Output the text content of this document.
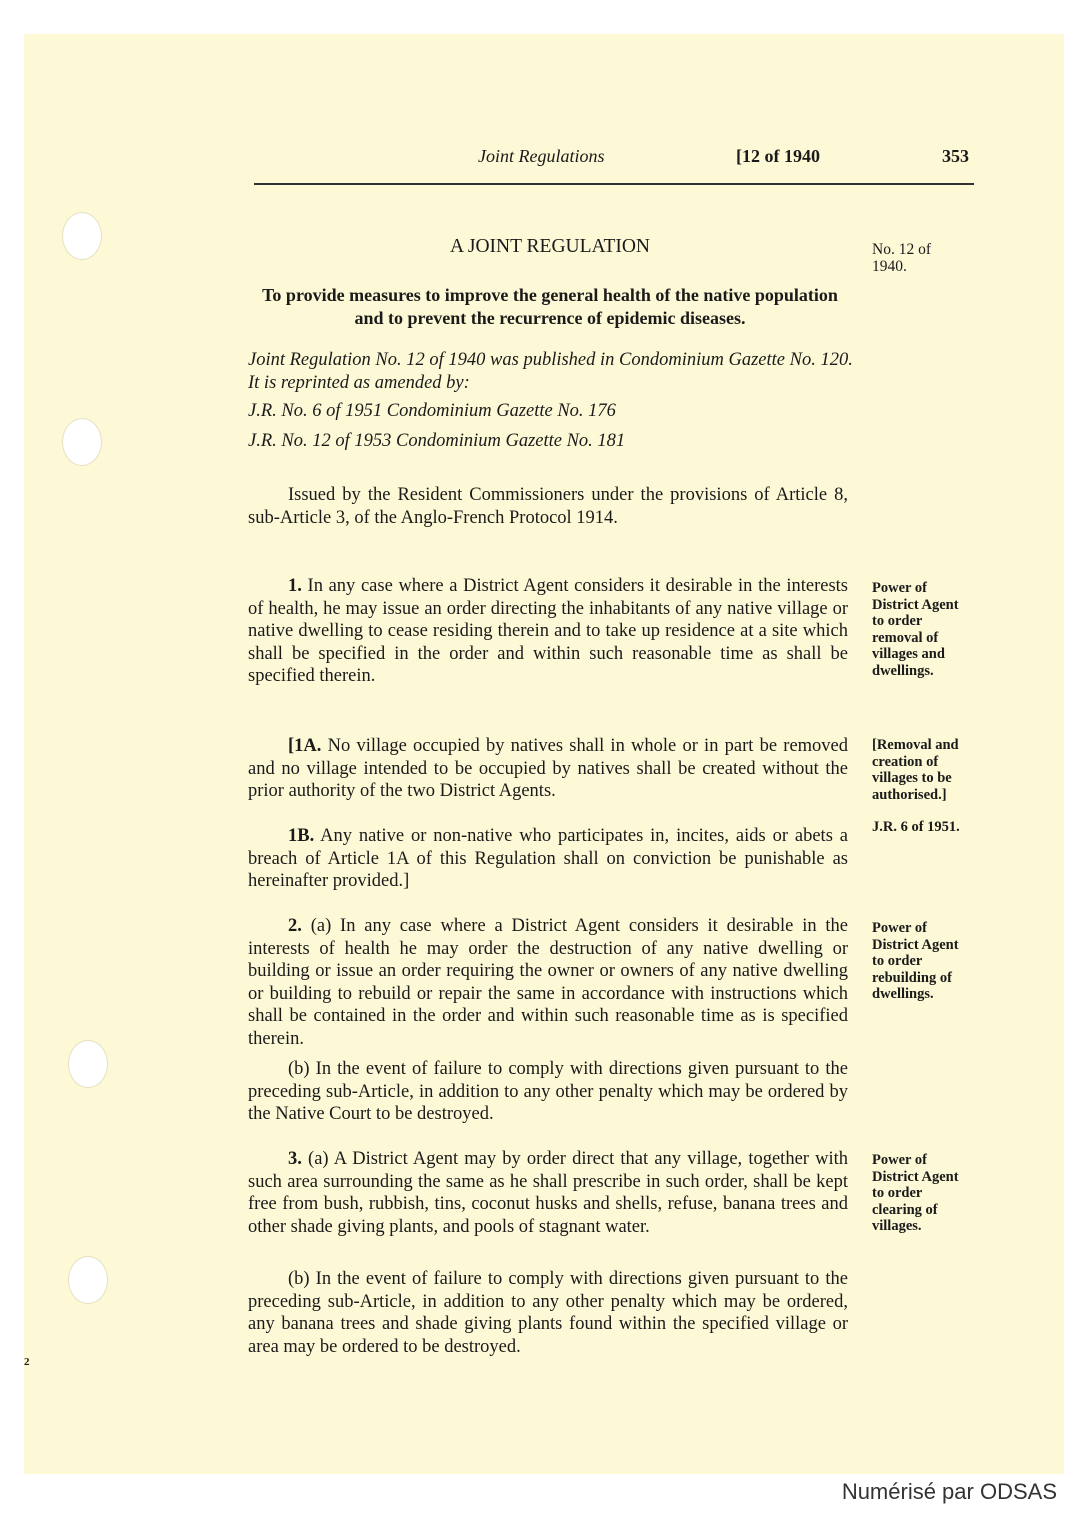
Joint Regulations	[12 of 1940	353
A JOINT REGULATION	No. 12 of 1940.
To provide measures to improve the general health of the native population and to prevent the recurrence of epidemic diseases.
Joint Regulation No. 12 of 1940 was published in Condominium Gazette No. 120. It is reprinted as amended by:
J.R. No. 6 of 1951 Condominium Gazette No. 176
J.R. No. 12 of 1953 Condominium Gazette No. 181
Issued by the Resident Commissioners under the provisions of Article 8, sub-Article 3, of the Anglo-French Protocol 1914.
1. In any case where a District Agent considers it desirable in the interests of health, he may issue an order directing the inhabitants of any native village or native dwelling to cease residing therein and to take up residence at a site which shall be specified in the order and within such reasonable time as shall be specified therein.
Power of District Agent to order removal of villages and dwellings.
[1A. No village occupied by natives shall in whole or in part be removed and no village intended to be occupied by natives shall be created without the prior authority of the two District Agents.
[Removal and creation of villages to be authorised.]
J.R. 6 of 1951.
1B. Any native or non-native who participates in, incites, aids or abets a breach of Article 1A of this Regulation shall on conviction be punishable as hereinafter provided.]
2. (a) In any case where a District Agent considers it desirable in the interests of health he may order the destruction of any native dwelling or building or issue an order requiring the owner or owners of any native dwelling or building to rebuild or repair the same in accordance with instructions which shall be contained in the order and within such reasonable time as is specified therein.
Power of District Agent to order rebuilding of dwellings.
(b) In the event of failure to comply with directions given pursuant to the preceding sub-Article, in addition to any other penalty which may be ordered by the Native Court to be destroyed.
3. (a) A District Agent may by order direct that any village, together with such area surrounding the same as he shall prescribe in such order, shall be kept free from bush, rubbish, tins, coconut husks and shells, refuse, banana trees and other shade giving plants, and pools of stagnant water.
Power of District Agent to order clearing of villages.
(b) In the event of failure to comply with directions given pursuant to the preceding sub-Article, in addition to any other penalty which may be ordered, any banana trees and shade giving plants found within the specified village or area may be ordered to be destroyed.
2
Numérisé par ODSAS
